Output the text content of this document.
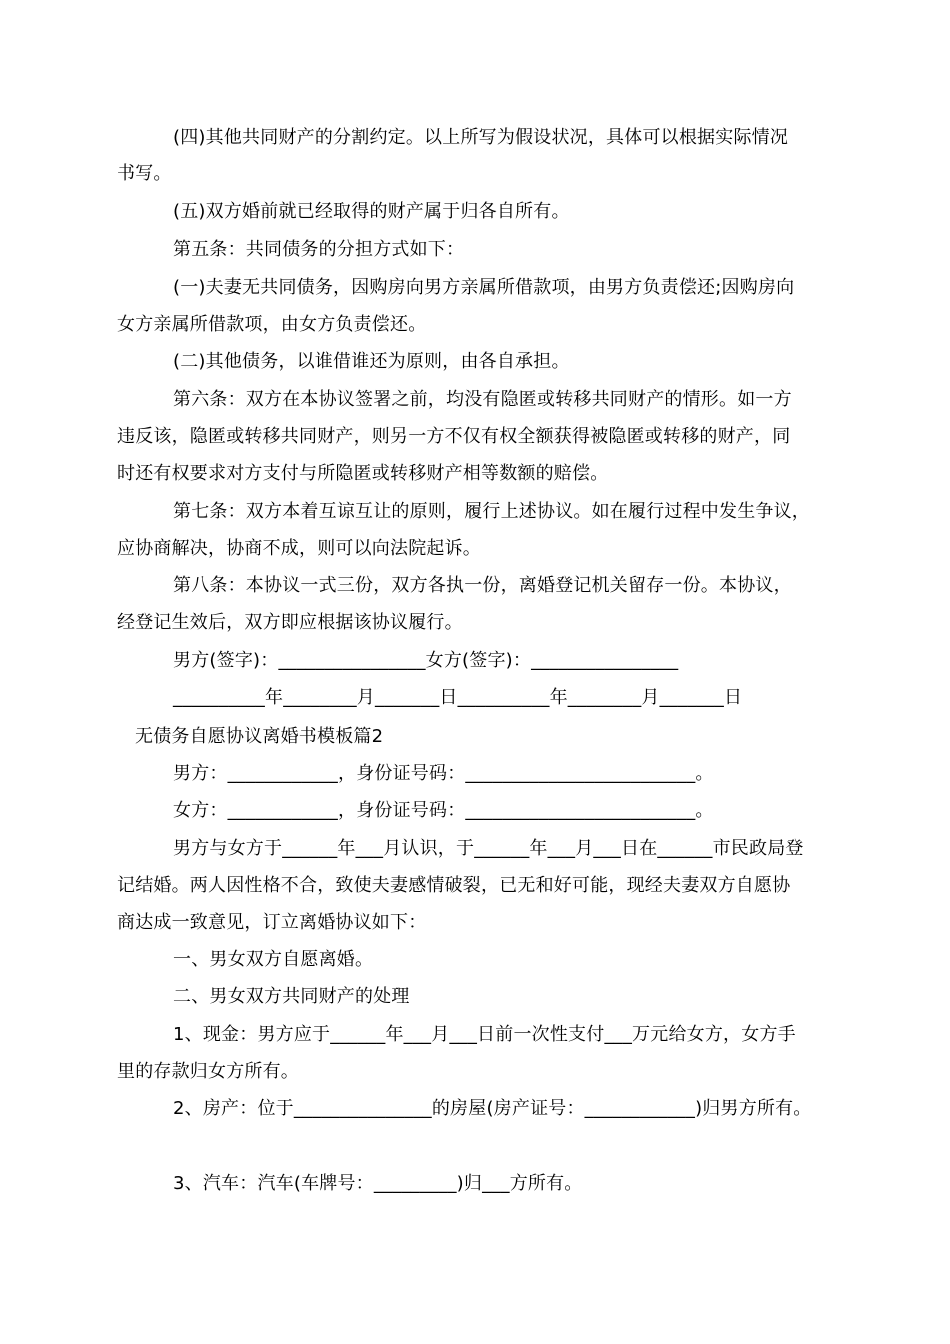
(四)其他共同财产的分割约定。以上所写为假设状况，具体可以根据实际情况
书写。
(五)双方婚前就已经取得的财产属于归各自所有。
第五条：共同债务的分担方式如下：
(一)夫妻无共同债务，因购房向男方亲属所借款项，由男方负责偿还;因购房向
女方亲属所借款项，由女方负责偿还。
(二)其他债务，以谁借谁还为原则，由各自承担。
第六条：双方在本协议签署之前，均没有隐匿或转移共同财产的情形。如一方
违反该，隐匿或转移共同财产，则另一方不仅有权全额获得被隐匿或转移的财产，同
时还有权要求对方支付与所隐匿或转移财产相等数额的赔偿。
第七条：双方本着互谅互让的原则，履行上述协议。如在履行过程中发生争议，
应协商解决，协商不成，则可以向法院起诉。
第八条：本协议一式三份，双方各执一份，离婚登记机关留存一份。本协议，
经登记生效后，双方即应根据该协议履行。
男方(签字)：________________女方(签字)：________________
__________年________月_______日__________年________月_______日
无债务自愿协议离婚书模板篇2
男方：____________，身份证号码：_________________________。
女方：____________，身份证号码：_________________________。
男方与女方于______年___月认识，于______年___月___日在______市民政局登
记结婚。两人因性格不合，致使夫妻感情破裂，已无和好可能，现经夫妻双方自愿协
商达成一致意见，订立离婚协议如下：
一、男女双方自愿离婚。
二、男女双方共同财产的处理
1、现金：男方应于______年___月___日前一次性支付___万元给女方，女方手
里的存款归女方所有。
2、房产：位于_______________的房屋(房产证号：____________)归男方所有。
3、汽车：汽车(车牌号：_________)归___方所有。
